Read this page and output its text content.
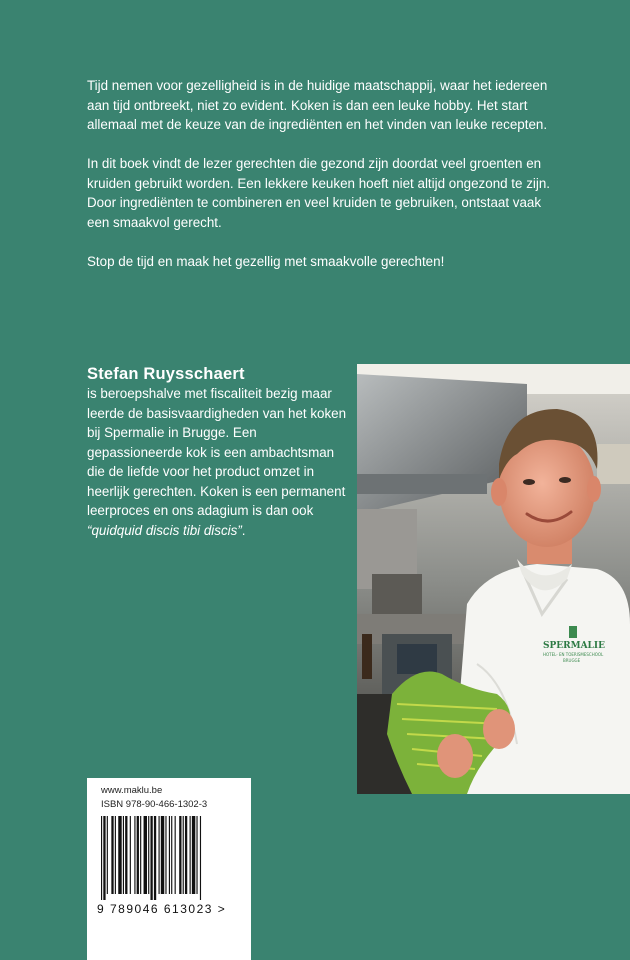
Tijd nemen voor gezelligheid is in de huidige maatschappij, waar het iedereen aan tijd ontbreekt, niet zo evident. Koken is dan een leuke hobby. Het start allemaal met de keuze van de ingrediënten en het vinden van leuke recepten.

In dit boek vindt de lezer gerechten die gezond zijn doordat veel groenten en kruiden gebruikt worden. Een lekkere keuken hoeft niet altijd ongezond te zijn. Door ingrediënten te combineren en veel kruiden te gebruiken, ontstaat vaak een smaakvol gerecht.

Stop de tijd en maak het gezellig met smaakvolle gerechten!

Stefan Ruysschaert

is beroepshalve met fiscaliteit bezig maar leerde de basisvaardigheden van het koken bij Spermalie in Brugge. Een gepassioneerde kok is een ambachtsman die de liefde voor het product omzet in heerlijk gerechten. Koken is een permanent leerproces en ons adagium is dan ook “quidquid discis tibi discis”.

SPERMALIE
HOTEL- EN TOERISMESCHOOL
BRUGGE
www.maklu.be
ISBN 978-90-466-1302-3
9 789046 613023 >
